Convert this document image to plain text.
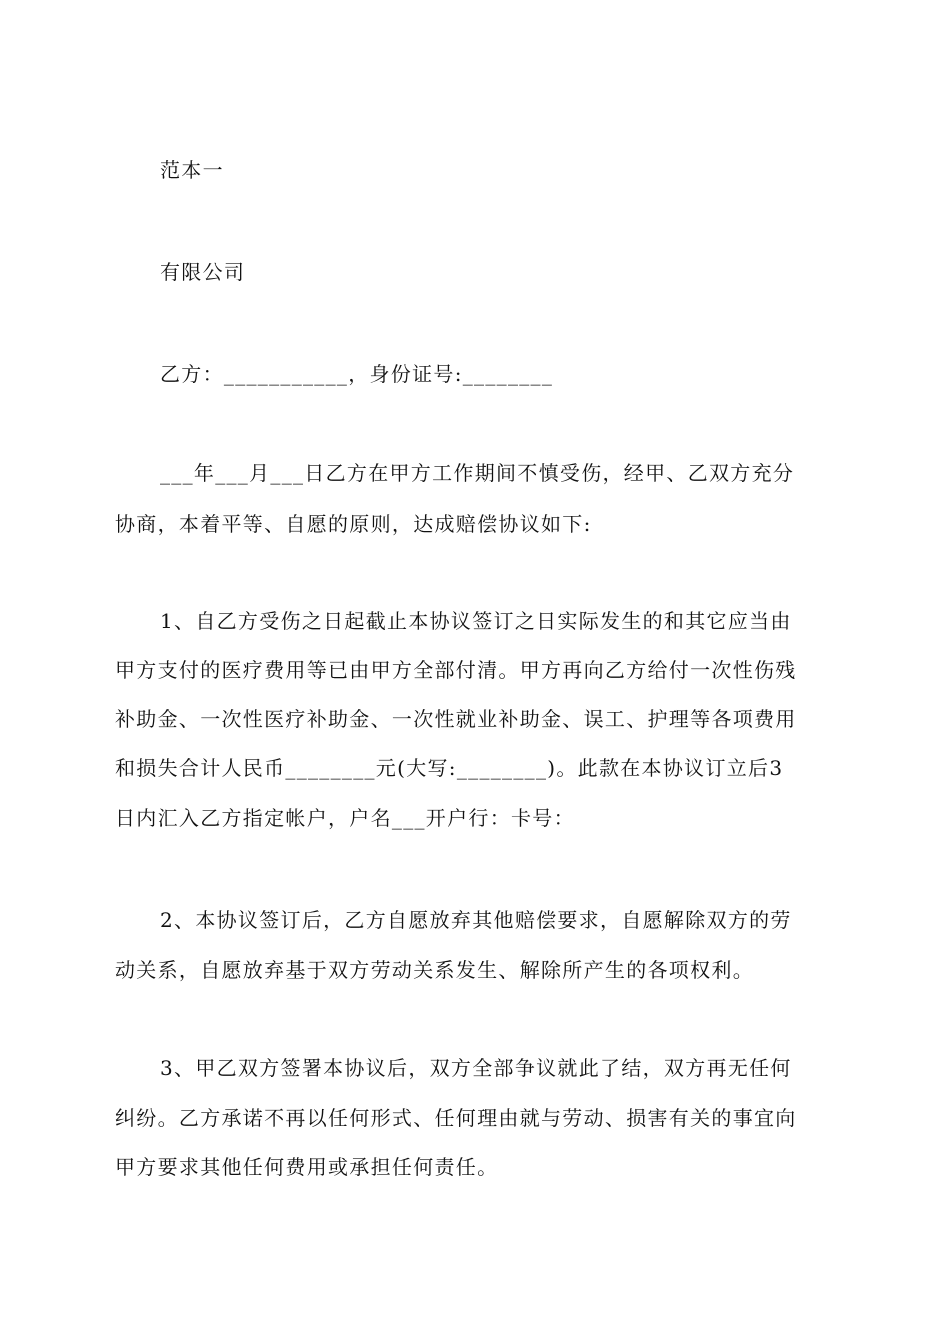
范本一
有限公司
乙方：___________，身份证号:________
___年___月___日乙方在甲方工作期间不慎受伤，经甲、乙双方充分
协商，本着平等、自愿的原则，达成赔偿协议如下:
1、自乙方受伤之日起截止本协议签订之日实际发生的和其它应当由
甲方支付的医疗费用等已由甲方全部付清。甲方再向乙方给付一次性伤残
补助金、一次性医疗补助金、一次性就业补助金、误工、护理等各项费用
和损失合计人民币________元(大写:________)。此款在本协议订立后3
日内汇入乙方指定帐户，户名___开户行：卡号：
2、本协议签订后，乙方自愿放弃其他赔偿要求，自愿解除双方的劳
动关系，自愿放弃基于双方劳动关系发生、解除所产生的各项权利。
3、甲乙双方签署本协议后，双方全部争议就此了结，双方再无任何
纠纷。乙方承诺不再以任何形式、任何理由就与劳动、损害有关的事宜向
甲方要求其他任何费用或承担任何责任。
